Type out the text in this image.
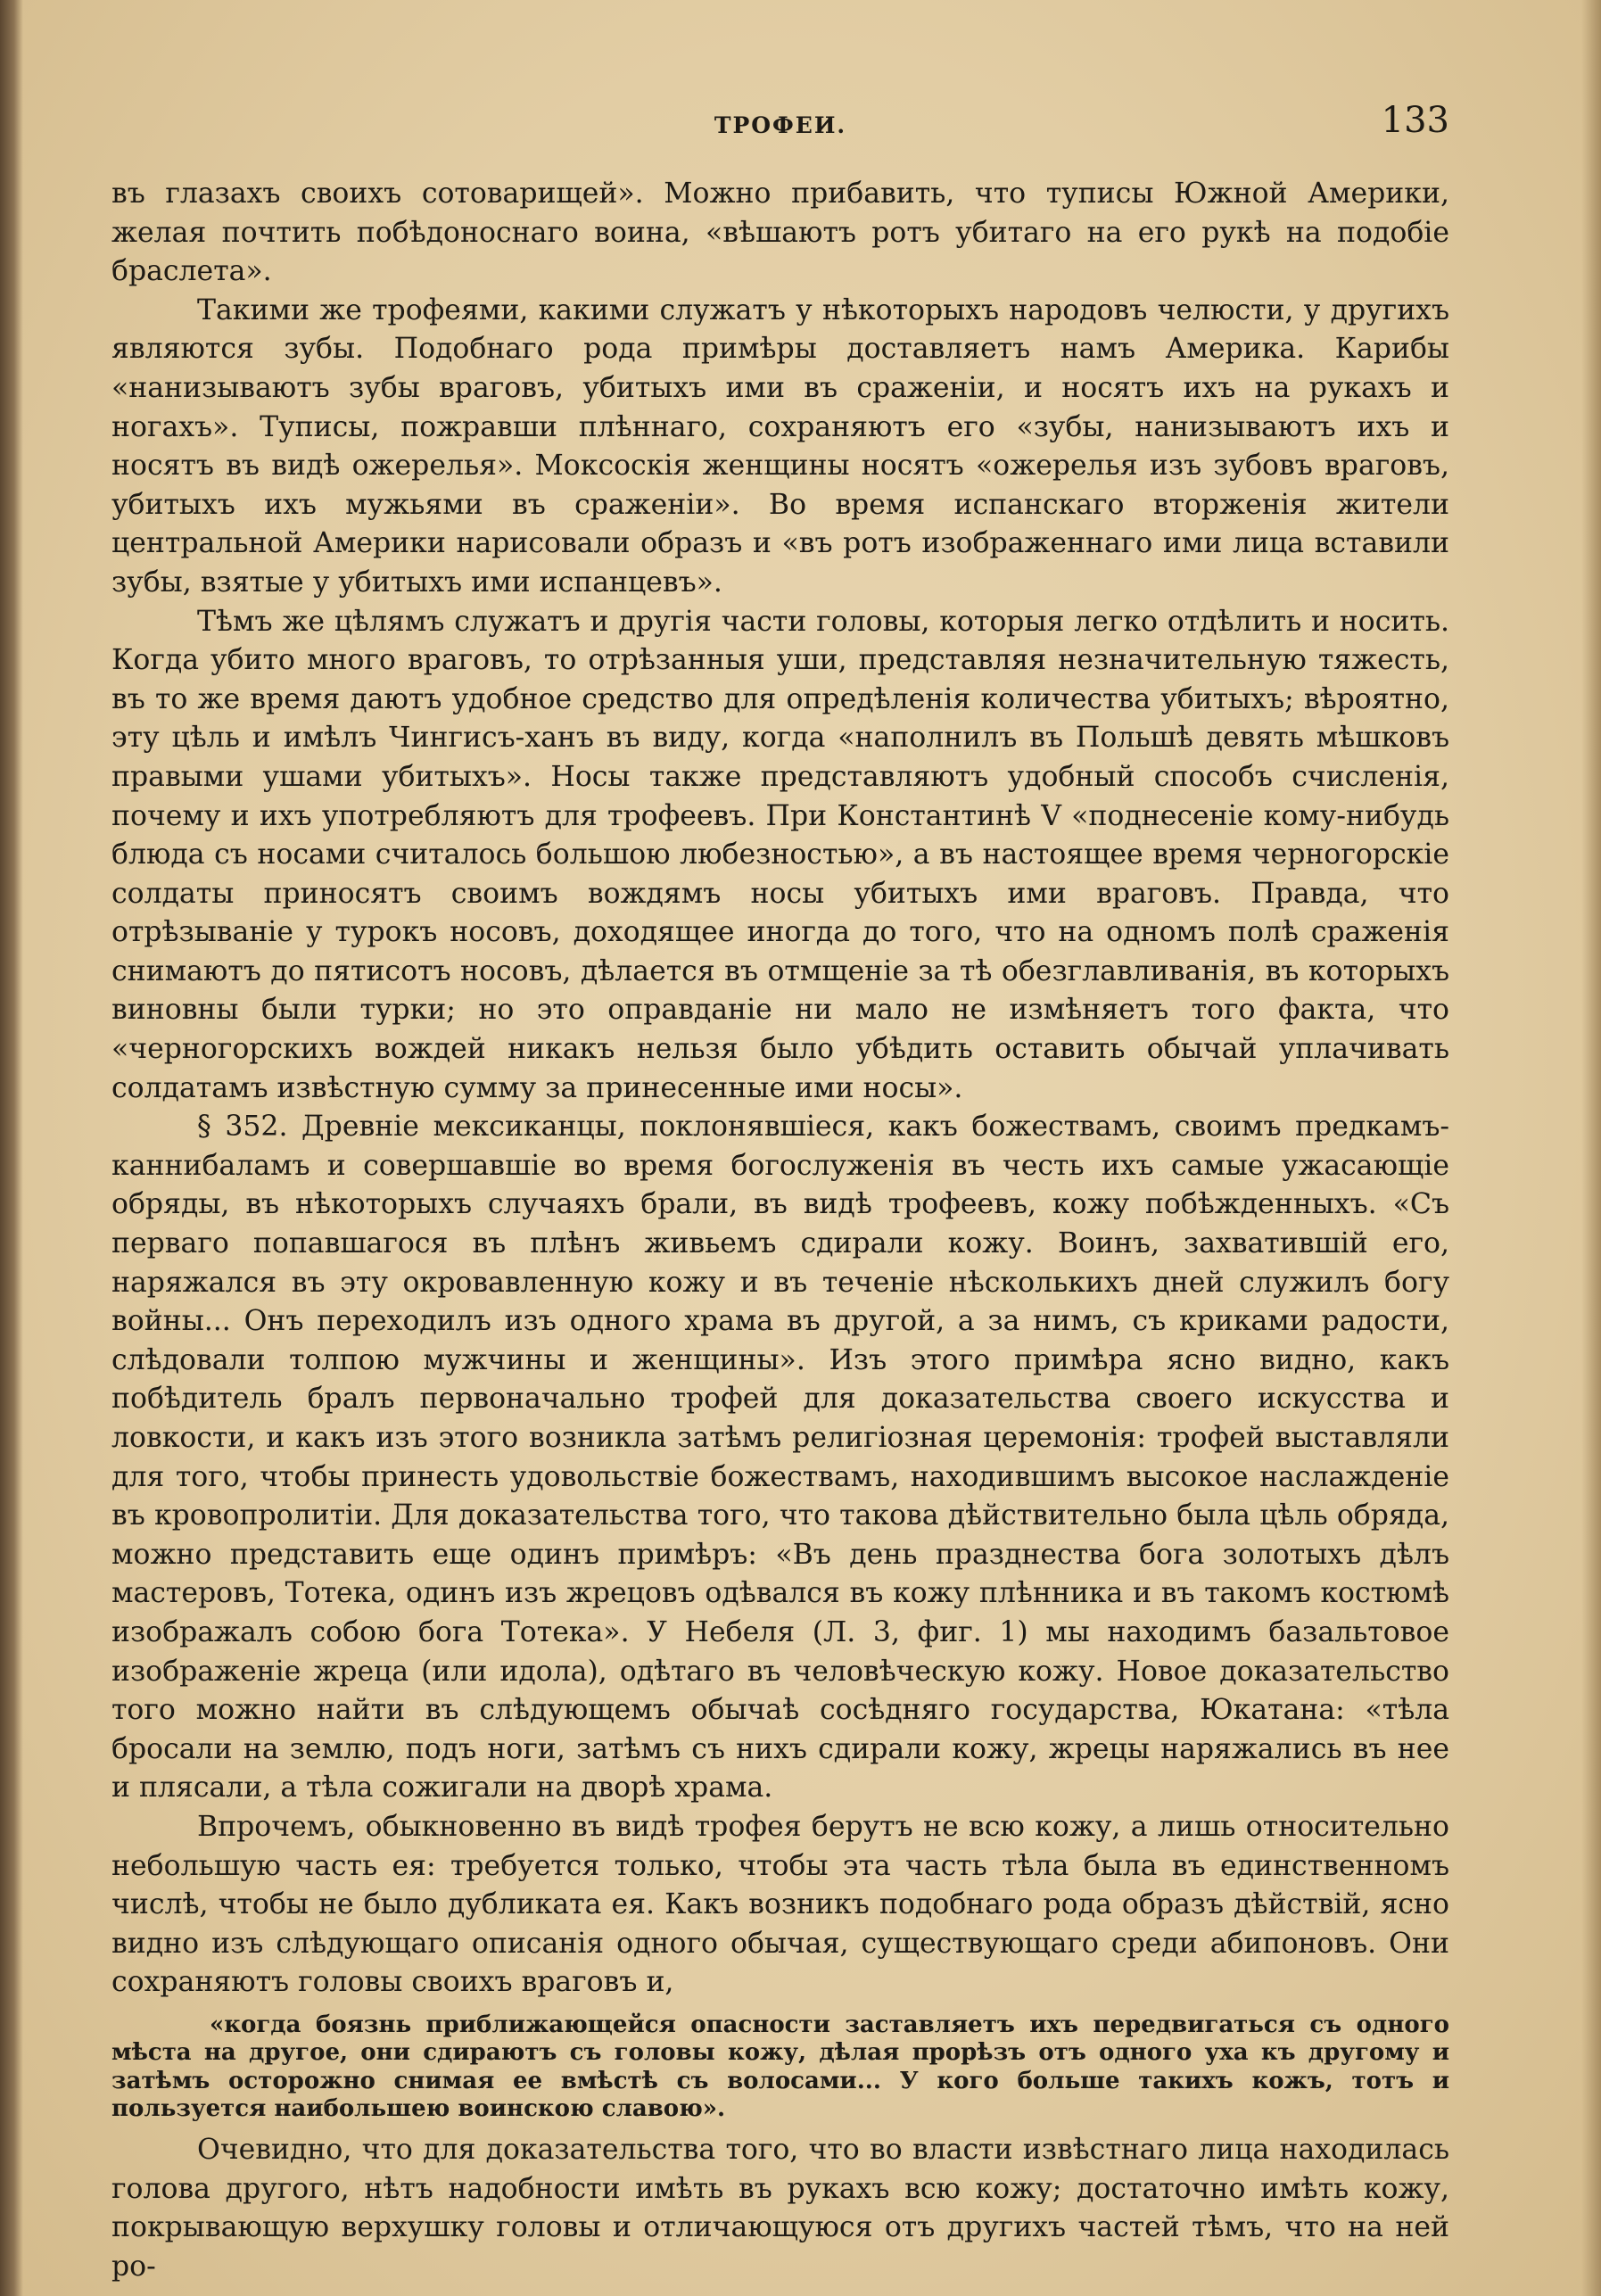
ТРОФЕИ.	133

въ глазахъ своихъ сотоварищей». Можно прибавить, что туписы Южной Америки, желая почтить побѣдоноснаго воина, «вѣшаютъ ротъ убитаго на его рукѣ на подобіе браслета».

Такими же трофеями, какими служатъ у нѣкоторыхъ народовъ челюсти, у другихъ являются зубы. Подобнаго рода примѣры доставляетъ намъ Америка. Карибы «нанизываютъ зубы враговъ, убитыхъ ими въ сраженіи, и носятъ ихъ на рукахъ и ногахъ». Туписы, пожравши плѣннаго, сохраняютъ его «зубы, нанизываютъ ихъ и носятъ въ видѣ ожерелья». Моксоскія женщины носятъ «ожерелья изъ зубовъ враговъ, убитыхъ ихъ мужьями въ сраженіи». Во время испанскаго вторженія жители центральной Америки нарисовали образъ и «въ ротъ изображеннаго ими лица вставили зубы, взятые у убитыхъ ими испанцевъ».

Тѣмъ же цѣлямъ служатъ и другія части головы, которыя легко отдѣлить и носить. Когда убито много враговъ, то отрѣзанныя уши, представляя незначительную тяжесть, въ то же время даютъ удобное средство для опредѣленія количества убитыхъ; вѣроятно, эту цѣль и имѣлъ Чингисъ-ханъ въ виду, когда «наполнилъ въ Польшѣ девять мѣшковъ правыми ушами убитыхъ». Носы также представляютъ удобный способъ счисленія, почему и ихъ употребляютъ для трофеевъ. При Константинѣ V «поднесеніе кому-нибудь блюда съ носами считалось большою любезностью», а въ настоящее время черногорскіе солдаты приносятъ своимъ вождямъ носы убитыхъ ими враговъ. Правда, что отрѣзываніе у турокъ носовъ, доходящее иногда до того, что на одномъ полѣ сраженія снимаютъ до пятисотъ носовъ, дѣлается въ отмщеніе за тѣ обезглавливанія, въ которыхъ виновны были турки; но это оправданіе ни мало не измѣняетъ того факта, что «черногорскихъ вождей никакъ нельзя было убѣдить оставить обычай уплачивать солдатамъ извѣстную сумму за принесенные ими носы».

§ 352. Древніе мексиканцы, поклонявшіеся, какъ божествамъ, своимъ предкамъ-каннибаламъ и совершавшіе во время богослуженія въ честь ихъ самые ужасающіе обряды, въ нѣкоторыхъ случаяхъ брали, въ видѣ трофеевъ, кожу побѣжденныхъ. «Съ перваго попавшагося въ плѣнъ живьемъ сдирали кожу. Воинъ, захватившій его, наряжался въ эту окровавленную кожу и въ теченіе нѣсколькихъ дней служилъ богу войны... Онъ переходилъ изъ одного храма въ другой, а за нимъ, съ криками радости, слѣдовали толпою мужчины и женщины». Изъ этого примѣра ясно видно, какъ побѣдитель бралъ первоначально трофей для доказательства своего искусства и ловкости, и какъ изъ этого возникла затѣмъ религіозная церемонія: трофей выставляли для того, чтобы принесть удовольствіе божествамъ, находившимъ высокое наслажденіе въ кровопролитіи. Для доказательства того, что такова дѣйствительно была цѣль обряда, можно представить еще одинъ примѣръ: «Въ день празднества бога золотыхъ дѣлъ мастеровъ, Тотека, одинъ изъ жрецовъ одѣвался въ кожу плѣнника и въ такомъ костюмѣ изображалъ собою бога Тотека». У Небеля (Л. 3, фиг. 1) мы находимъ базальтовое изображеніе жреца (или идола), одѣтаго въ человѣческую кожу. Новое доказательство того можно найти въ слѣдующемъ обычаѣ сосѣдняго государства, Юкатана: «тѣла бросали на землю, подъ ноги, затѣмъ съ нихъ сдирали кожу, жрецы наряжались въ нее и плясали, а тѣла сожигали на дворѣ храма.

Впрочемъ, обыкновенно въ видѣ трофея берутъ не всю кожу, а лишь относительно небольшую часть ея: требуется только, чтобы эта часть тѣла была въ единственномъ числѣ, чтобы не было дубликата ея. Какъ возникъ подобнаго рода образъ дѣйствій, ясно видно изъ слѣдующаго описанія одного обычая, существующаго среди абипоновъ. Они сохраняютъ головы своихъ враговъ и,

«когда боязнь приближающейся опасности заставляетъ ихъ передвигаться съ одного мѣста на другое, они сдираютъ съ головы кожу, дѣлая прорѣзъ отъ одного уха къ другому и затѣмъ осторожно снимая ее вмѣстѣ съ волосами... У кого больше такихъ кожъ, тотъ и пользуется наибольшею воинскою славою».

Очевидно, что для доказательства того, что во власти извѣстнаго лица находилась голова другого, нѣтъ надобности имѣть въ рукахъ всю кожу; достаточно имѣть кожу, покрывающую верхушку головы и отличающуюся отъ другихъ частей тѣмъ, что на ней ро-
